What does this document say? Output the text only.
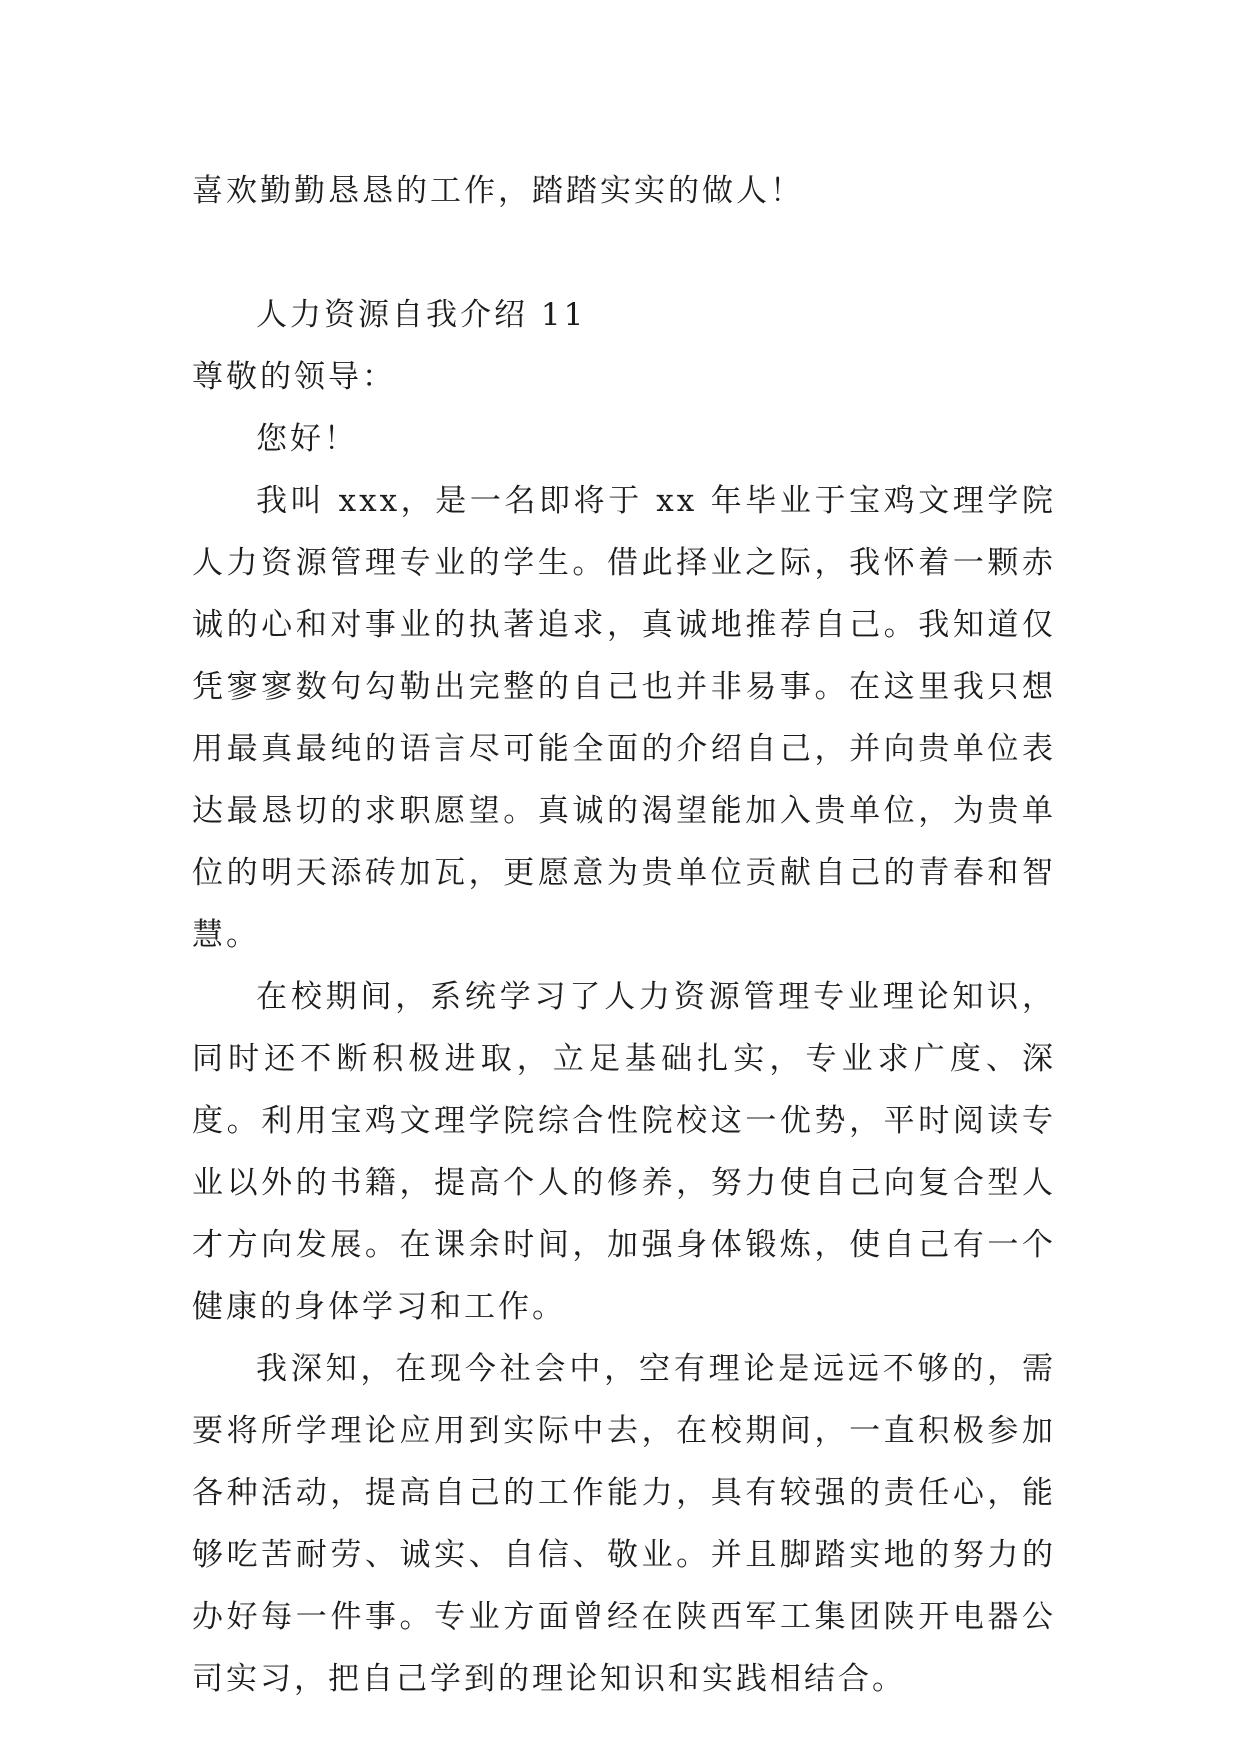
喜欢勤勤恳恳的工作，踏踏实实的做人！

人力资源自我介绍 11

尊敬的领导：

您好！

我叫 xxx，是一名即将于 xx 年毕业于宝鸡文理学院人力资源管理专业的学生。借此择业之际，我怀着一颗赤诚的心和对事业的执著追求，真诚地推荐自己。我知道仅凭寥寥数句勾勒出完整的自己也并非易事。在这里我只想用最真最纯的语言尽可能全面的介绍自己，并向贵单位表达最恳切的求职愿望。真诚的渴望能加入贵单位，为贵单位的明天添砖加瓦，更愿意为贵单位贡献自己的青春和智慧。

在校期间，系统学习了人力资源管理专业理论知识，同时还不断积极进取，立足基础扎实，专业求广度、深度。利用宝鸡文理学院综合性院校这一优势，平时阅读专业以外的书籍，提高个人的修养，努力使自己向复合型人才方向发展。在课余时间，加强身体锻炼，使自己有一个健康的身体学习和工作。

我深知，在现今社会中，空有理论是远远不够的，需要将所学理论应用到实际中去，在校期间，一直积极参加各种活动，提高自己的工作能力，具有较强的责任心，能够吃苦耐劳、诚实、自信、敬业。并且脚踏实地的努力的办好每一件事。专业方面曾经在陕西军工集团陕开电器公司实习，把自己学到的理论知识和实践相结合。
